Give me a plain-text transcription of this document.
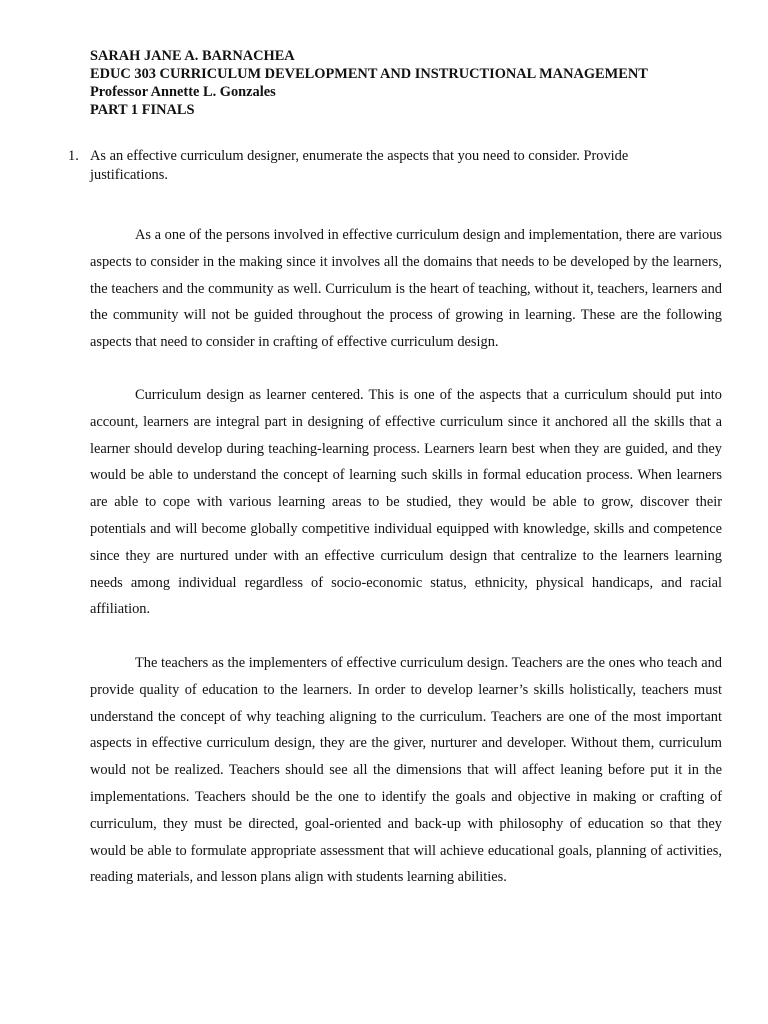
SARAH JANE A. BARNACHEA
EDUC 303 CURRICULUM DEVELOPMENT AND INSTRUCTIONAL MANAGEMENT
Professor Annette L. Gonzales
PART 1 FINALS
1. As an effective curriculum designer, enumerate the aspects that you need to consider. Provide justifications.

As a one of the persons involved in effective curriculum design and implementation, there are various aspects to consider in the making since it involves all the domains that needs to be developed by the learners, the teachers and the community as well. Curriculum is the heart of teaching, without it, teachers, learners and the community will not be guided throughout the process of growing in learning. These are the following aspects that need to consider in crafting of effective curriculum design.

Curriculum design as learner centered. This is one of the aspects that a curriculum should put into account, learners are integral part in designing of effective curriculum since it anchored all the skills that a learner should develop during teaching-learning process. Learners learn best when they are guided, and they would be able to understand the concept of learning such skills in formal education process. When learners are able to cope with various learning areas to be studied, they would be able to grow, discover their potentials and will become globally competitive individual equipped with knowledge, skills and competence since they are nurtured under with an effective curriculum design that centralize to the learners learning needs among individual regardless of socio-economic status, ethnicity, physical handicaps, and racial affiliation.

The teachers as the implementers of effective curriculum design. Teachers are the ones who teach and provide quality of education to the learners. In order to develop learner’s skills holistically, teachers must understand the concept of why teaching aligning to the curriculum. Teachers are one of the most important aspects in effective curriculum design, they are the giver, nurturer and developer. Without them, curriculum would not be realized. Teachers should see all the dimensions that will affect leaning before put it in the implementations. Teachers should be the one to identify the goals and objective in making or crafting of curriculum, they must be directed, goal-oriented and back-up with philosophy of education so that they would be able to formulate appropriate assessment that will achieve educational goals, planning of activities, reading materials, and lesson plans align with students learning abilities.
